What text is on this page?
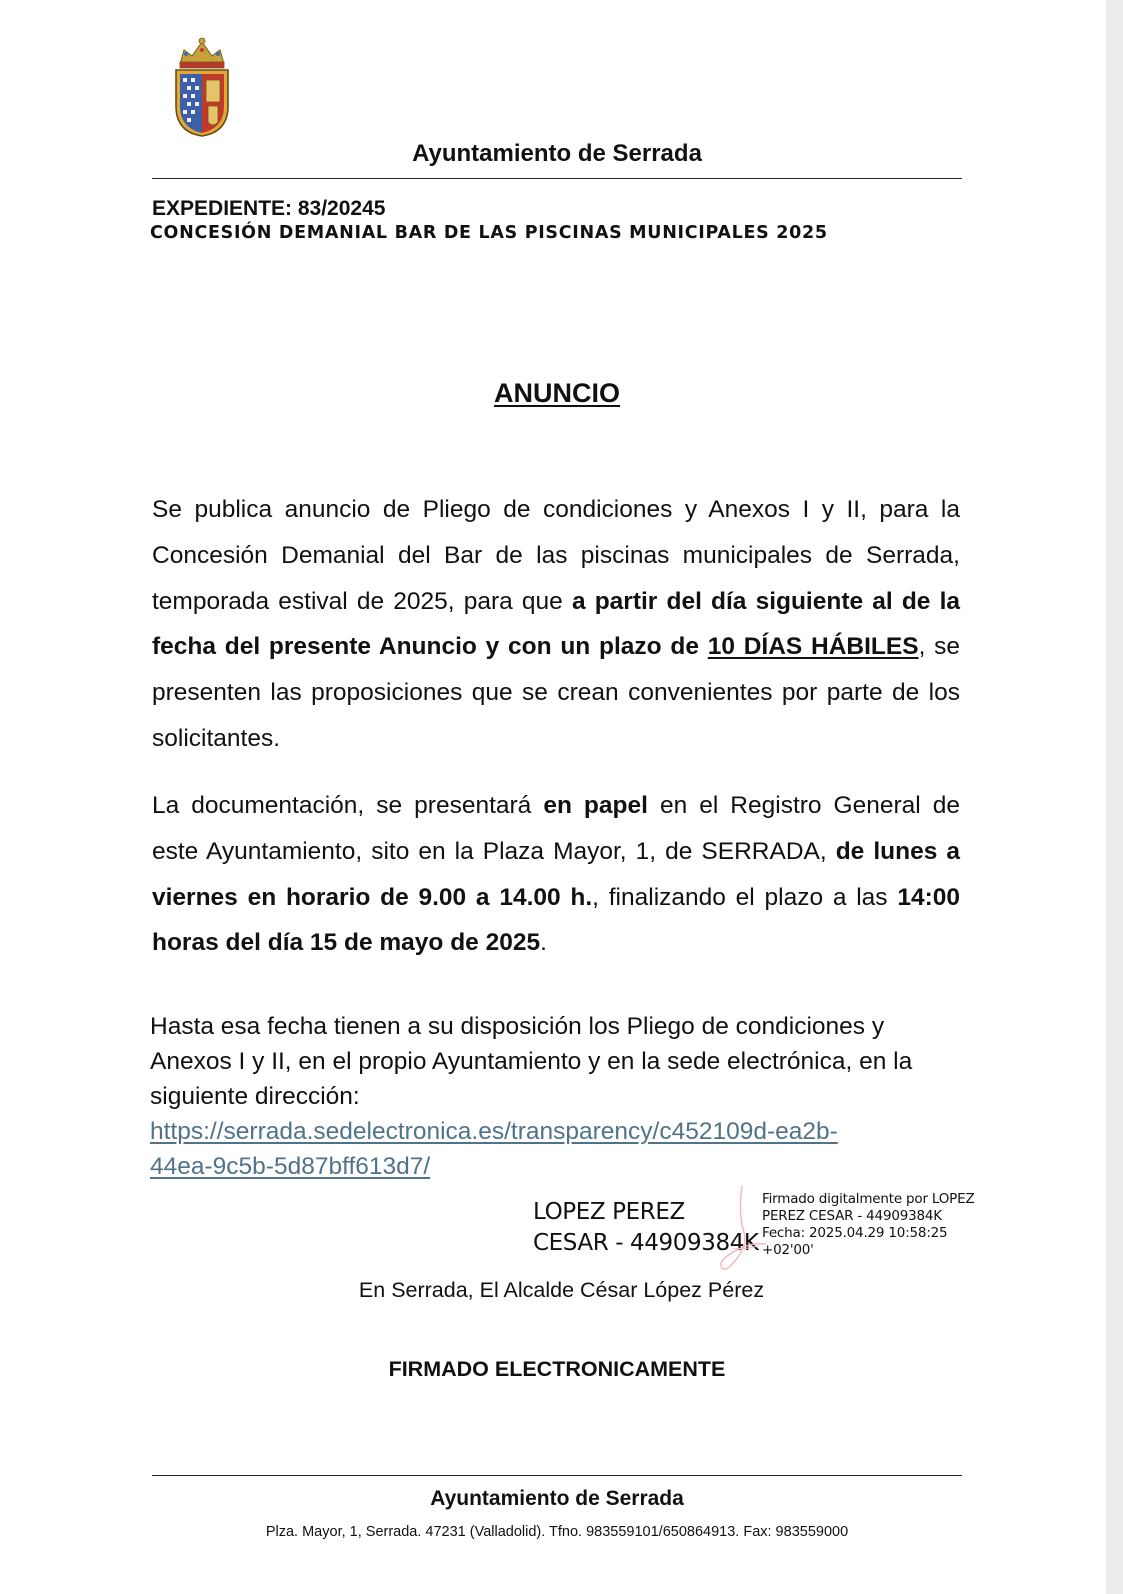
Ayuntamiento de Serrada
EXPEDIENTE: 83/20245
CONCESIÓN DEMANIAL BAR DE LAS PISCINAS MUNICIPALES 2025
ANUNCIO
Se publica anuncio de Pliego de condiciones y Anexos I y II, para la Concesión Demanial del Bar de las piscinas municipales de Serrada, temporada estival de 2025, para que a partir del día siguiente al de la fecha del presente Anuncio y con un plazo de 10 DÍAS HÁBILES, se presenten las proposiciones que se crean convenientes por parte de los solicitantes.
La documentación, se presentará en papel en el Registro General de este Ayuntamiento, sito en la Plaza Mayor, 1, de SERRADA, de lunes a viernes en horario de 9.00 a 14.00 h., finalizando el plazo a las 14:00 horas del día 15 de mayo de 2025.
Hasta esa fecha tienen a su disposición los Pliego de condiciones y Anexos I y II, en el propio Ayuntamiento y en la sede electrónica, en la siguiente dirección:
https://serrada.sedelectronica.es/transparency/c452109d-ea2b-
44ea-9c5b-5d87bff613d7/
LOPEZ PEREZ
CESAR - 44909384K
Firmado digitalmente por LOPEZ
PEREZ CESAR - 44909384K
Fecha: 2025.04.29 10:58:25
+02'00'
En Serrada, El Alcalde César López Pérez
FIRMADO ELECTRONICAMENTE
Ayuntamiento de Serrada
Plza. Mayor, 1, Serrada. 47231 (Valladolid). Tfno. 983559101/650864913. Fax: 983559000
